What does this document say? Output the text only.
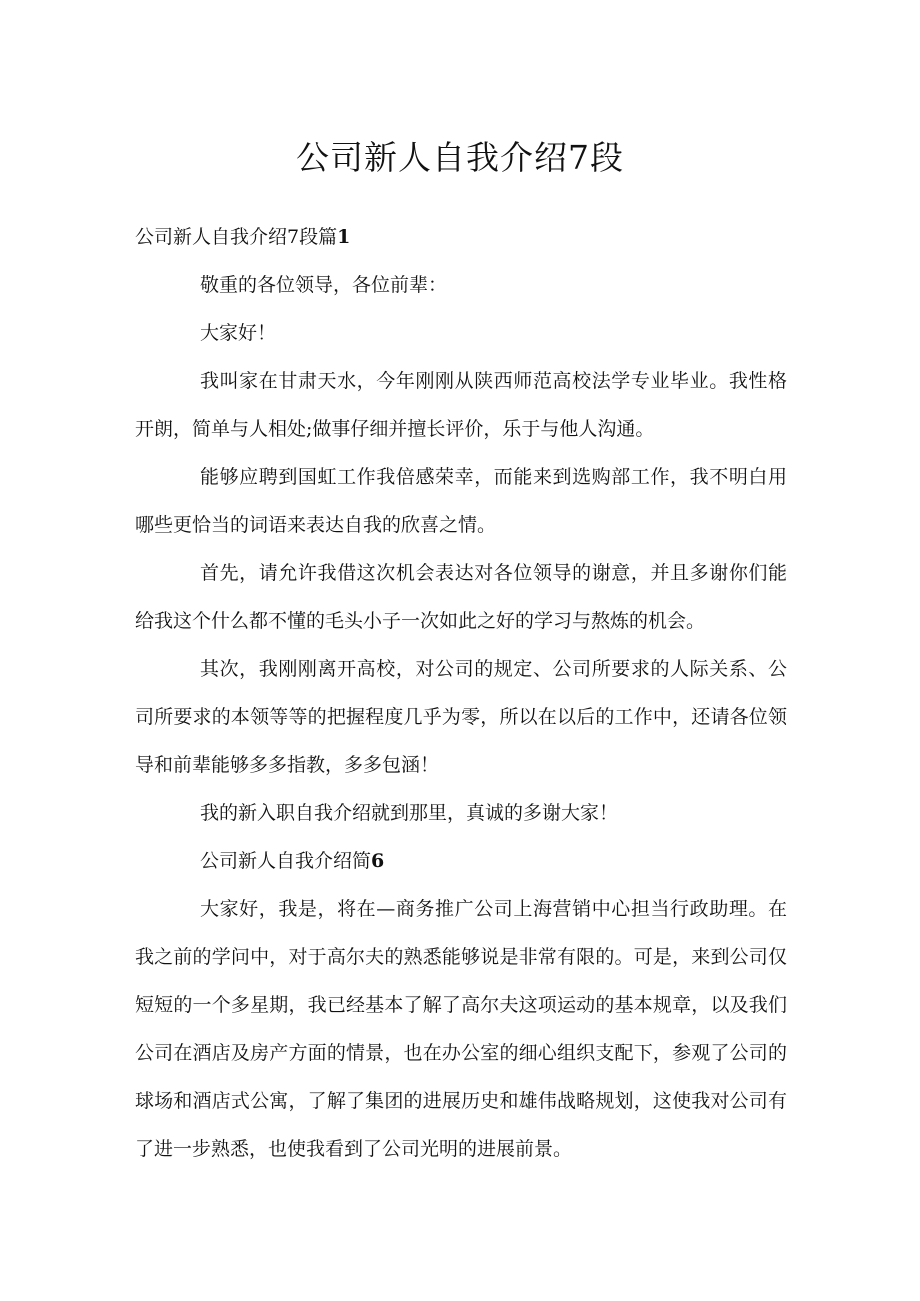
公司新人自我介绍7段

公司新人自我介绍7段篇1

敬重的各位领导，各位前辈：

大家好！

我叫家在甘肃天水，今年刚刚从陕西师范高校法学专业毕业。我性格开朗，简单与人相处;做事仔细并擅长评价，乐于与他人沟通。

能够应聘到国虹工作我倍感荣幸，而能来到选购部工作，我不明白用哪些更恰当的词语来表达自我的欣喜之情。

首先，请允许我借这次机会表达对各位领导的谢意，并且多谢你们能给我这个什么都不懂的毛头小子一次如此之好的学习与熬炼的机会。

其次，我刚刚离开高校，对公司的规定、公司所要求的人际关系、公司所要求的本领等等的把握程度几乎为零，所以在以后的工作中，还请各位领导和前辈能够多多指教，多多包涵！

我的新入职自我介绍就到那里，真诚的多谢大家！

公司新人自我介绍简6

大家好，我是，将在—商务推广公司上海营销中心担当行政助理。在我之前的学问中，对于高尔夫的熟悉能够说是非常有限的。可是，来到公司仅短短的一个多星期，我已经基本了解了高尔夫这项运动的基本规章，以及我们公司在酒店及房产方面的情景，也在办公室的细心组织支配下，参观了公司的球场和酒店式公寓，了解了集团的进展历史和雄伟战略规划，这使我对公司有了进一步熟悉，也使我看到了公司光明的进展前景。
